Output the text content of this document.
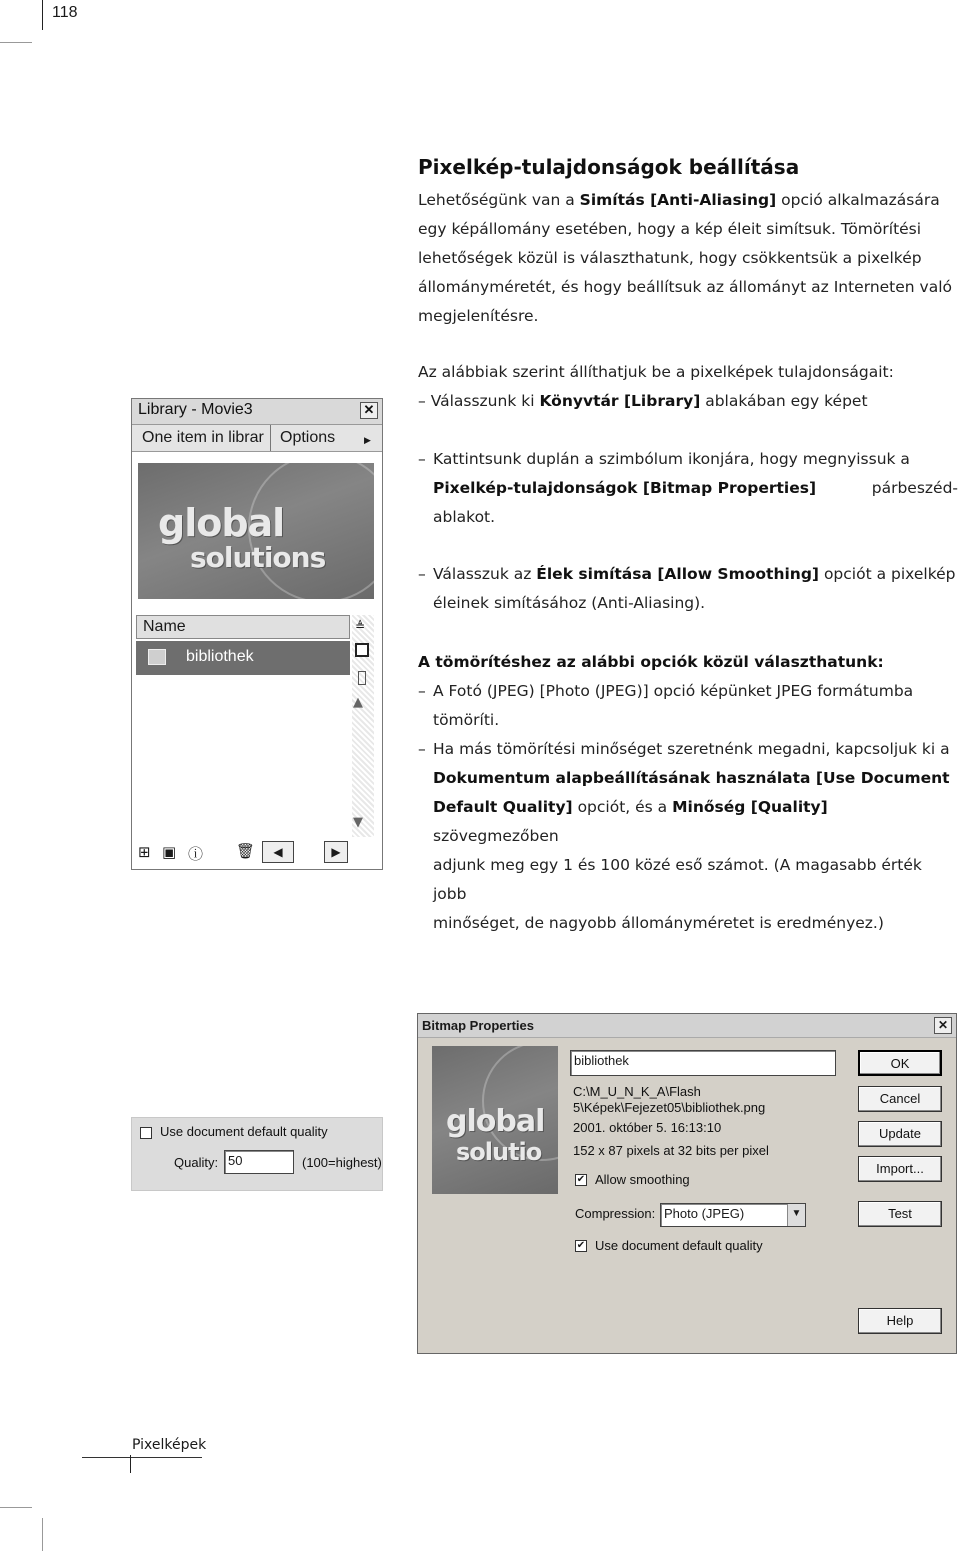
118
Pixelkép-tulajdonságok beállítása
Lehetőségünk van a Simítás [Anti-Aliasing] opció alkalmazására
egy képállomány esetében, hogy a kép éleit simítsuk. Tömörítési
lehetőségek közül is választhatunk, hogy csökkentsük a pixelkép
állományméretét, és hogy beállítsuk az állományt az Interneten való
megjelenítésre.
Az alábbiak szerint állíthatjuk be a pixelképek tulajdonságait:
– Válasszunk ki Könyvtár [Library] ablakában egy képet
– Kattintsunk duplán a szimbólum ikonjára, hogy megnyissuk a
Pixelkép-tulajdonságok [Bitmap Properties]	párbeszéd-
ablakot.
– Válasszuk az Élek simítása [Allow Smoothing] opciót a pixelkép
éleinek simításához (Anti-Aliasing).
A tömörítéshez az alábbi opciók közül választhatunk:
– A Fotó (JPEG) [Photo (JPEG)] opció képünket JPEG formátumba
tömöríti.
– Ha más tömörítési minőséget szeretnénk megadni, kapcsoljuk ki a
Dokumentum alapbeállításának használata [Use Document
Default Quality] opciót, és a Minőség [Quality] szövegmezőben
adjunk meg egy 1 és 100 közé eső számot. (A magasabb érték jobb
minőséget, de nagyobb állományméretet is eredményez.)
Library - Movie3	✕
One item in librar Options	▶
global
solutions
Name
bibliothek
≜
▲
▼
⊞ ▣ ⓘ 🗑	◀	▶
Use document default quality
Quality: 50	(100=highest)
Bitmap Properties	✕
global
solutio
bibliothek
C:\M_U_N_K_A\Flash
5\Képek\Fejezet05\bibliothek.png
2001. október 5. 16:13:10
152 x 87 pixels at 32 bits per pixel
✔ Allow smoothing
Compression: Photo (JPEG)	▼
✔ Use document default quality
OK
Cancel
Update
Import...
Test
Help
Pixelképek
